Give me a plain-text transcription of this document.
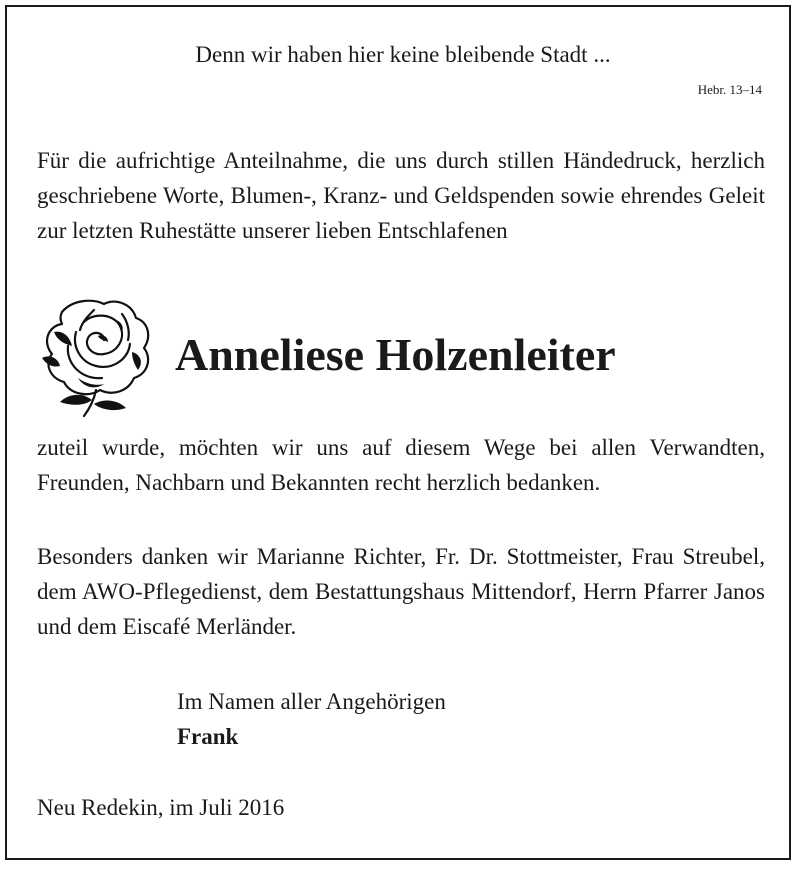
Denn wir haben hier keine bleibende Stadt ...
Hebr. 13–14

Für die aufrichtige Anteilnahme, die uns durch stillen Händedruck, herzlich geschriebene Worte, Blumen-, Kranz- und Geldspenden sowie ehrendes Geleit zur letzten Ruhestätte unserer lieben Entschlafenen

Anneliese Holzenleiter

zuteil wurde, möchten wir uns auf diesem Wege bei allen Verwandten, Freunden, Nachbarn und Bekannten recht herzlich bedanken.

Besonders danken wir Marianne Richter, Fr. Dr. Stottmeister, Frau Streubel, dem AWO-Pflegedienst, dem Bestattungshaus Mittendorf, Herrn Pfarrer Janos und dem Eiscafé Merländer.

Im Namen aller Angehörigen
Frank
Neu Redekin, im Juli 2016
